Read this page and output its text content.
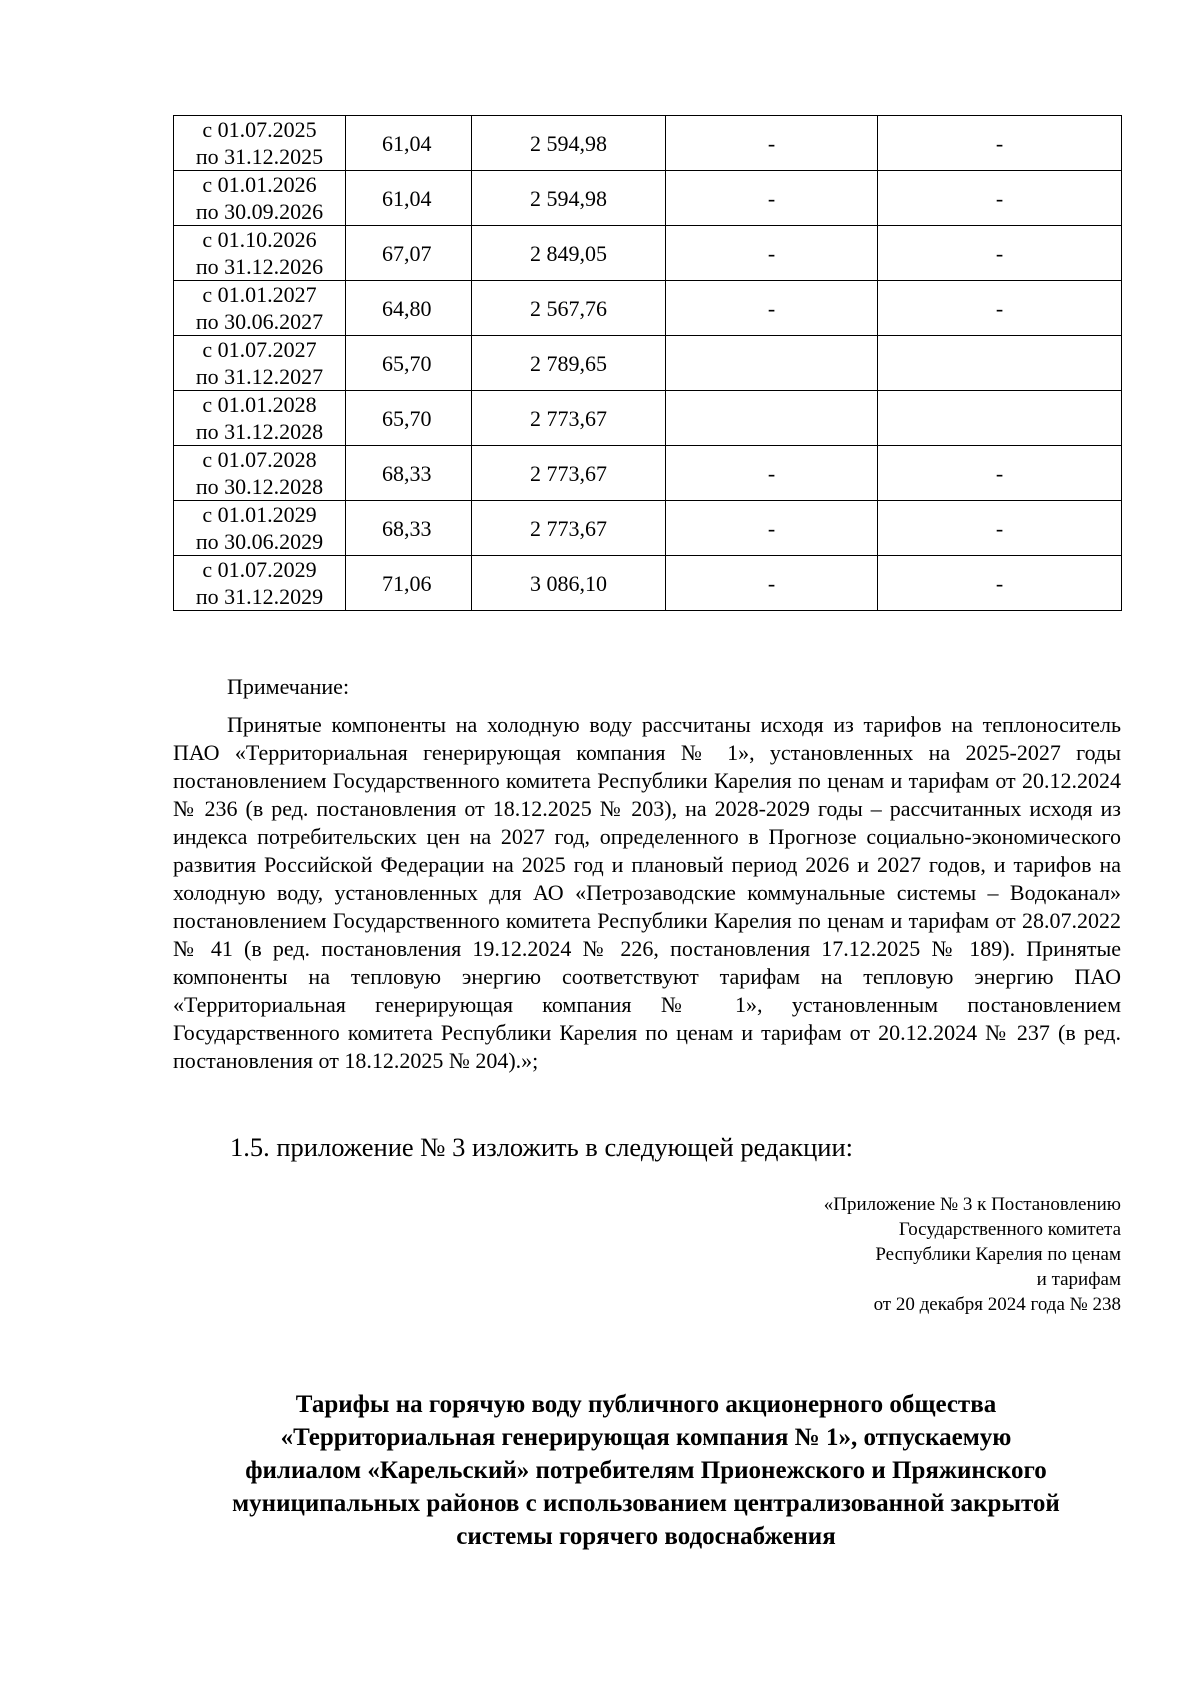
с 01.07.2025
по 31.12.2025	61,04	2 594,98	-	-

с 01.01.2026
по 30.09.2026	61,04	2 594,98	-	-

с 01.10.2026
по 31.12.2026	67,07	2 849,05	-	-

с 01.01.2027
по 30.06.2027	64,80	2 567,76	-	-

с 01.07.2027
по 31.12.2027	65,70	2 789,65		

с 01.01.2028
по 31.12.2028	65,70	2 773,67		

с 01.07.2028
по 30.12.2028	68,33	2 773,67	-	-

с 01.01.2029
по 30.06.2029	68,33	2 773,67	-	-

с 01.07.2029
по 31.12.2029	71,06	3 086,10	-	-
Примечание:
Принятые компоненты на холодную воду рассчитаны исходя из тарифов на теплоноситель ПАО «Территориальная генерирующая компания № 1», установленных на 2025-2027 годы постановлением Государственного комитета Республики Карелия по ценам и тарифам от 20.12.2024 № 236 (в ред. постановления от 18.12.2025 № 203), на 2028-2029 годы – рассчитанных исходя из индекса потребительских цен на 2027 год, определенного в Прогнозе социально-экономического развития Российской Федерации на 2025 год и плановый период 2026 и 2027 годов, и тарифов на холодную воду, установленных для АО «Петрозаводские коммунальные системы – Водоканал» постановлением Государственного комитета Республики Карелия по ценам и тарифам от 28.07.2022 № 41 (в ред. постановления 19.12.2024 № 226, постановления 17.12.2025 № 189). Принятые компоненты на тепловую энергию соответствуют тарифам на тепловую энергию ПАО «Территориальная генерирующая компания № 1», установленным постановлением Государственного комитета Республики Карелия по ценам и тарифам от 20.12.2024 № 237 (в ред. постановления от 18.12.2025 № 204).»;
1.5. приложение № 3 изложить в следующей редакции:
«Приложение № 3 к Постановлению
Государственного комитета
Республики Карелия по ценам
и тарифам
от 20 декабря 2024 года № 238
Тарифы на горячую воду публичного акционерного общества
«Территориальная генерирующая компания № 1», отпускаемую
филиалом «Карельский» потребителям Прионежского и Пряжинского
муниципальных районов с использованием централизованной закрытой
системы горячего водоснабжения
